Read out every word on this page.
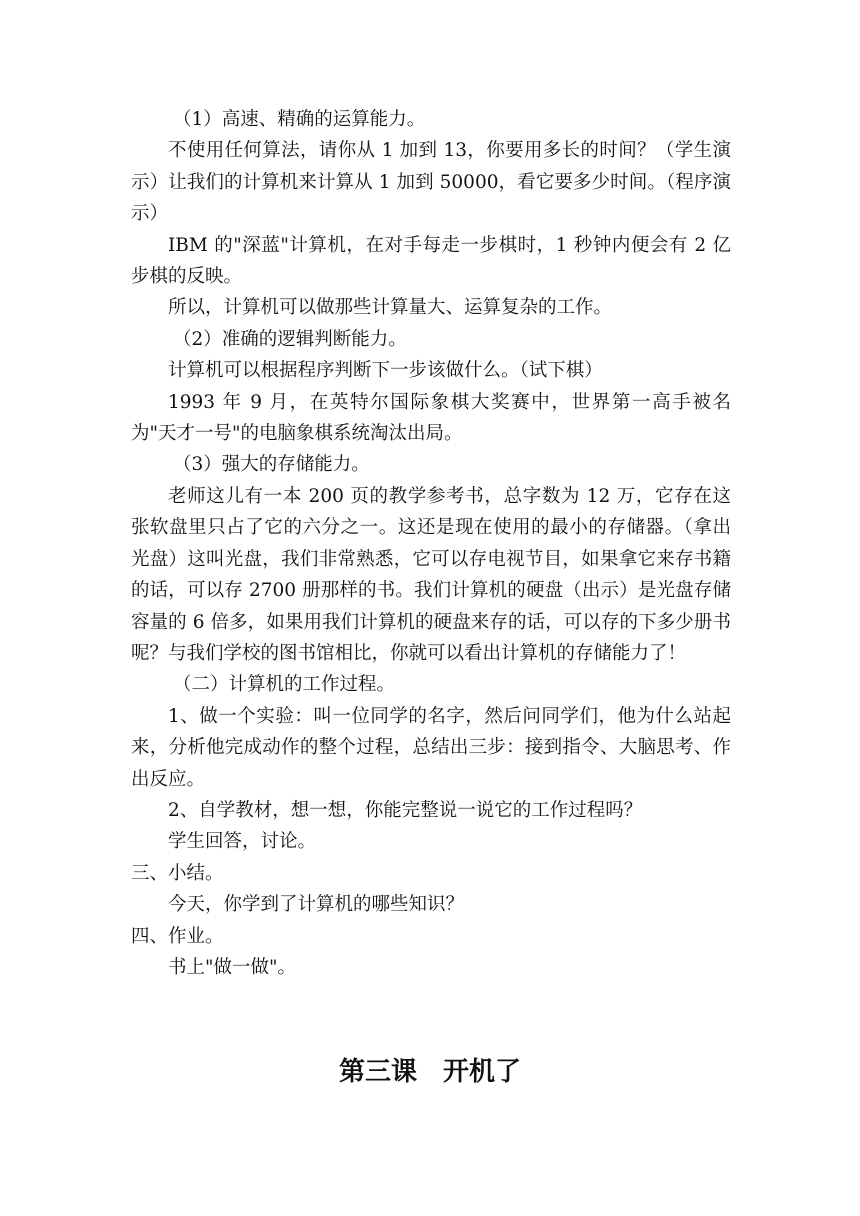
（1）高速、精确的运算能力。

不使用任何算法，请你从 1 加到 13，你要用多长的时间？（学生演示）让我们的计算机来计算从 1 加到 50000，看它要多少时间。（程序演示）

IBM 的"深蓝"计算机，在对手每走一步棋时，1 秒钟内便会有 2 亿步棋的反映。

所以，计算机可以做那些计算量大、运算复杂的工作。

（2）准确的逻辑判断能力。

计算机可以根据程序判断下一步该做什么。（试下棋）

1993 年 9 月，在英特尔国际象棋大奖赛中，世界第一高手被名为"天才一号"的电脑象棋系统淘汰出局。

（3）强大的存储能力。

老师这儿有一本 200 页的教学参考书，总字数为 12 万，它存在这张软盘里只占了它的六分之一。这还是现在使用的最小的存储器。（拿出光盘）这叫光盘，我们非常熟悉，它可以存电视节目，如果拿它来存书籍的话，可以存 2700 册那样的书。我们计算机的硬盘（出示）是光盘存储容量的 6 倍多，如果用我们计算机的硬盘来存的话，可以存的下多少册书呢？与我们学校的图书馆相比，你就可以看出计算机的存储能力了！

（二）计算机的工作过程。

1、做一个实验：叫一位同学的名字，然后问同学们，他为什么站起来，分析他完成动作的整个过程，总结出三步：接到指令、大脑思考、作出反应。

2、自学教材，想一想，你能完整说一说它的工作过程吗？

学生回答，讨论。

三、小结。

今天，你学到了计算机的哪些知识？

四、作业。

书上"做一做"。

第三课　开机了
